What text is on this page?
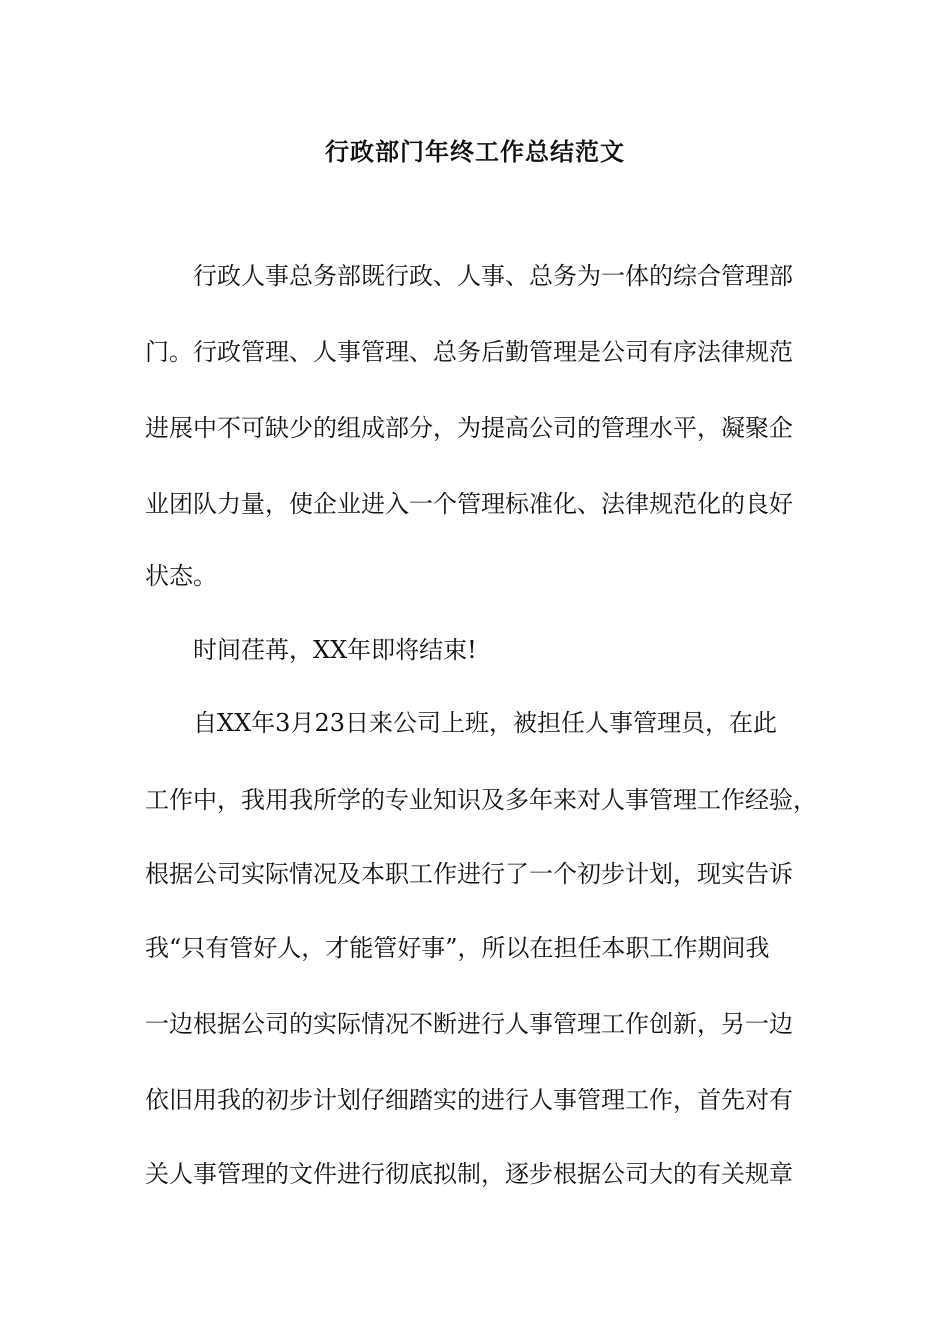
行政部门年终工作总结范文
行政人事总务部既行政、人事、总务为一体的综合管理部
门。行政管理、人事管理、总务后勤管理是公司有序法律规范
进展中不可缺少的组成部分，为提高公司的管理水平，凝聚企
业团队力量，使企业进入一个管理标准化、法律规范化的良好
状态。
时间荏苒，XX年即将结束!
自XX年3月23日来公司上班，被担任人事管理员，在此
工作中，我用我所学的专业知识及多年来对人事管理工作经验，
根据公司实际情况及本职工作进行了一个初步计划，现实告诉
我“只有管好人，才能管好事”，所以在担任本职工作期间我
一边根据公司的实际情况不断进行人事管理工作创新，另一边
依旧用我的初步计划仔细踏实的进行人事管理工作，首先对有
关人事管理的文件进行彻底拟制，逐步根据公司大的有关规章
